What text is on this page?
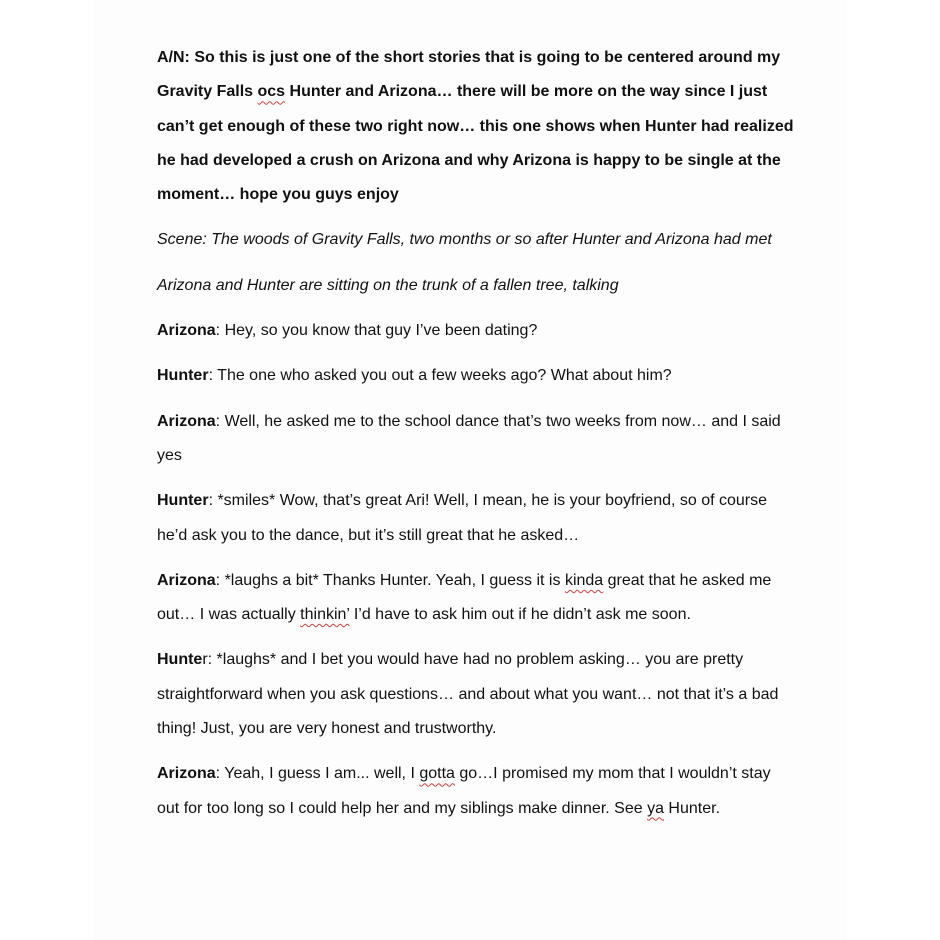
A/N: So this is just one of the short stories that is going to be centered around my Gravity Falls ocs Hunter and Arizona… there will be more on the way since I just can’t get enough of these two right now… this one shows when Hunter had realized he had developed a crush on Arizona and why Arizona is happy to be single at the moment… hope you guys enjoy

Scene: The woods of Gravity Falls, two months or so after Hunter and Arizona had met

Arizona and Hunter are sitting on the trunk of a fallen tree, talking

Arizona: Hey, so you know that guy I’ve been dating?

Hunter: The one who asked you out a few weeks ago? What about him?

Arizona: Well, he asked me to the school dance that’s two weeks from now… and I said yes

Hunter: *smiles* Wow, that’s great Ari! Well, I mean, he is your boyfriend, so of course he’d ask you to the dance, but it’s still great that he asked…

Arizona: *laughs a bit* Thanks Hunter. Yeah, I guess it is kinda great that he asked me out… I was actually thinkin’ I’d have to ask him out if he didn’t ask me soon.

Hunter: *laughs* and I bet you would have had no problem asking… you are pretty straightforward when you ask questions… and about what you want… not that it’s a bad thing! Just, you are very honest and trustworthy.

Arizona: Yeah, I guess I am... well, I gotta go…I promised my mom that I wouldn’t stay out for too long so I could help her and my siblings make dinner. See ya Hunter.
